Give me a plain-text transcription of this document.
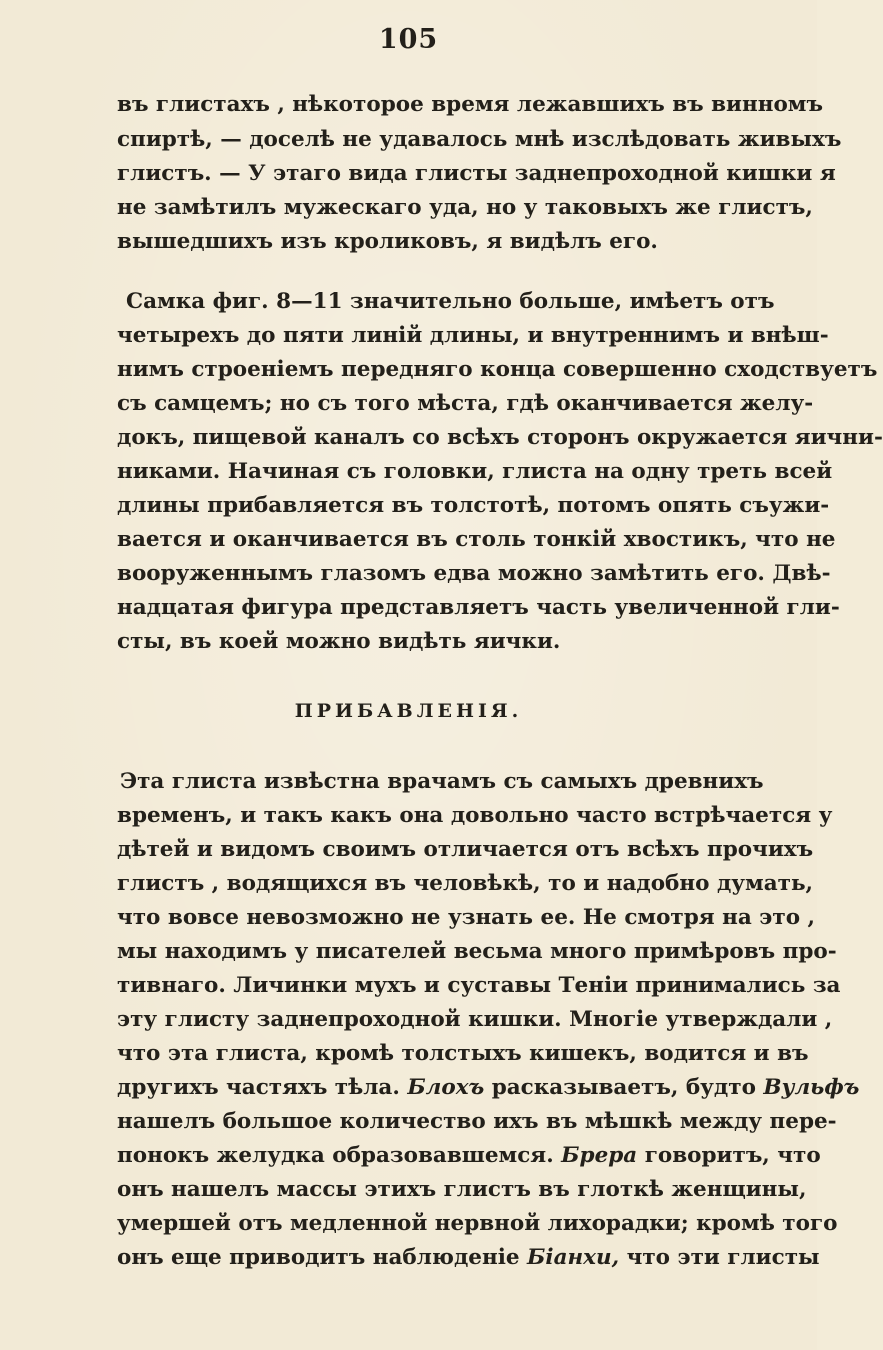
105
въ глистахъ , нѣкоторое время лежавшихъ въ винномъ
спиртѣ, — доселѣ не удавалось мнѣ изслѣдовать живыхъ
глистъ. — У этаго вида глисты заднепроходной кишки я
не замѣтилъ мужескаго уда, но у таковыхъ же глистъ,
вышедшихъ изъ кроликовъ, я видѣлъ его.
Самка фиг. 8—11 значительно больше, имѣетъ отъ
четырехъ до пяти линій длины, и внутреннимъ и внѣш-
нимъ строеніемъ передняго конца совершенно сходствуетъ
съ самцемъ; но съ того мѣста, гдѣ оканчивается желу-
докъ, пищевой каналъ со всѣхъ сторонъ окружается яични-
никами. Начиная съ головки, глиста на одну треть всей
длины прибавляется въ толстотѣ, потомъ опять съужи-
вается и оканчивается въ столь тонкій хвостикъ, что не
вооруженнымъ глазомъ едва можно замѣтить его. Двѣ-
надцатая фигура представляетъ часть увеличенной гли-
сты, въ коей можно видѣть яички.
ПРИБАВЛЕНІЯ.
Эта глиста извѣстна врачамъ съ самыхъ древнихъ
временъ, и такъ какъ она довольно часто встрѣчается у
дѣтей и видомъ своимъ отличается отъ всѣхъ прочихъ
глистъ , водящихся въ человѣкѣ, то и надобно думать,
что вовсе невозможно не узнать ее. Не смотря на это ,
мы находимъ у писателей весьма много примѣровъ про-
тивнаго. Личинки мухъ и суставы Теніи принимались за
эту глисту заднепроходной кишки. Многіе утверждали ,
что эта глиста, кромѣ толстыхъ кишекъ, водится и въ
другихъ частяхъ тѣла. Блохъ расказываетъ, будто Вульфъ
нашелъ большое количество ихъ въ мѣшкѣ между пере-
понокъ желудка образовавшемся. Брера говоритъ, что
онъ нашелъ массы этихъ глистъ въ глоткѣ женщины,
умершей отъ медленной нервной лихорадки; кромѣ того
онъ еще приводитъ наблюденіе Біанхи, что эти глисты
